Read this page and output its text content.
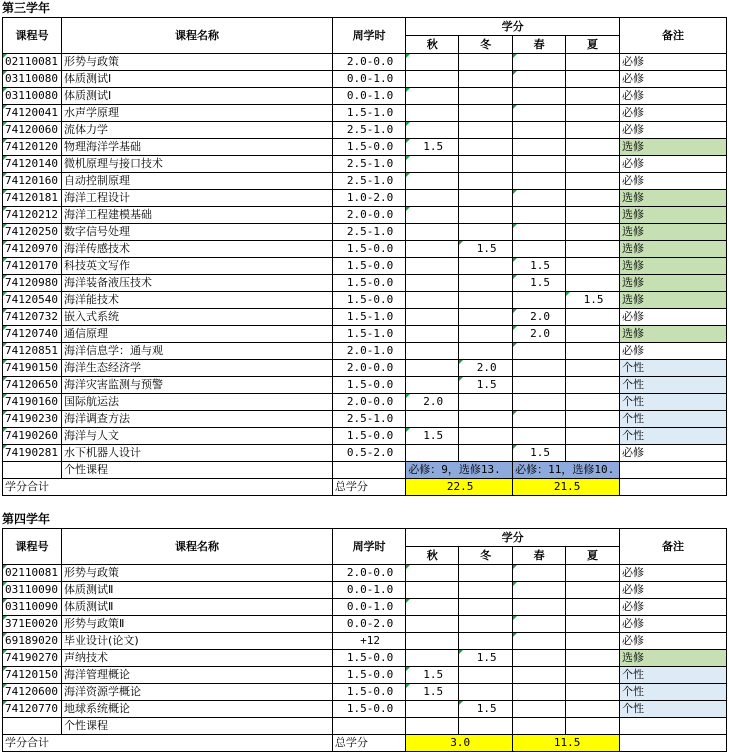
第三学年
课程号	课程名称	周学时	学分				备注
			秋	冬	春	夏	
02110081	形势与政策	2.0-0.0					必修
03110080	体质测试Ⅰ	0.0-1.0					必修
03110080	体质测试Ⅰ	0.0-1.0					必修
74120041	水声学原理	1.5-1.0					必修
74120060	流体力学	2.5-1.0					必修
74120120	物理海洋学基础	1.5-0.0	1.5				选修
74120140	微机原理与接口技术	2.5-1.0					必修
74120160	自动控制原理	2.5-1.0					必修
74120181	海洋工程设计	1.0-2.0					选修
74120212	海洋工程建模基础	2.0-0.0					选修
74120250	数字信号处理	2.5-1.0					选修
74120970	海洋传感技术	1.5-0.0		1.5			选修
74120170	科技英文写作	1.5-0.0			1.5		选修
74120980	海洋装备液压技术	1.5-0.0			1.5		选修
74120540	海洋能技术	1.5-0.0				1.5	选修
74120732	嵌入式系统	1.5-1.0			2.0		必修
74120740	通信原理	1.5-1.0			2.0		选修
74120851	海洋信息学：通与观	2.0-1.0					必修
74190150	海洋生态经济学	2.0-0.0		2.0			个性
74120650	海洋灾害监测与预警	1.5-0.0		1.5			个性
74190160	国际航运法	2.0-0.0	2.0				个性
74190230	海洋调查方法	2.5-1.0					个性
74190260	海洋与人文	1.5-0.0	1.5				个性
74190281	水下机器人设计	0.5-2.0			1.5		必修
	个性课程		必修：9，选修13.		必修：11，选修10.		
学分合计		总学分	22.5		21.5		
第四学年
课程号	课程名称	周学时	学分				备注
			秋	冬	春	夏	
02110081	形势与政策	2.0-0.0					必修
03110090	体质测试Ⅱ	0.0-1.0					必修
03110090	体质测试Ⅱ	0.0-1.0					必修
371E0020	形势与政策Ⅱ	0.0-2.0					必修
69189020	毕业设计(论文)	+12					必修
74190270	声纳技术	1.5-0.0		1.5			选修
74120150	海洋管理概论	1.5-0.0	1.5				个性
74120600	海洋资源学概论	1.5-0.0	1.5				个性
74120770	地球系统概论	1.5-0.0		1.5			个性
	个性课程						
学分合计		总学分	3.0		11.5		
